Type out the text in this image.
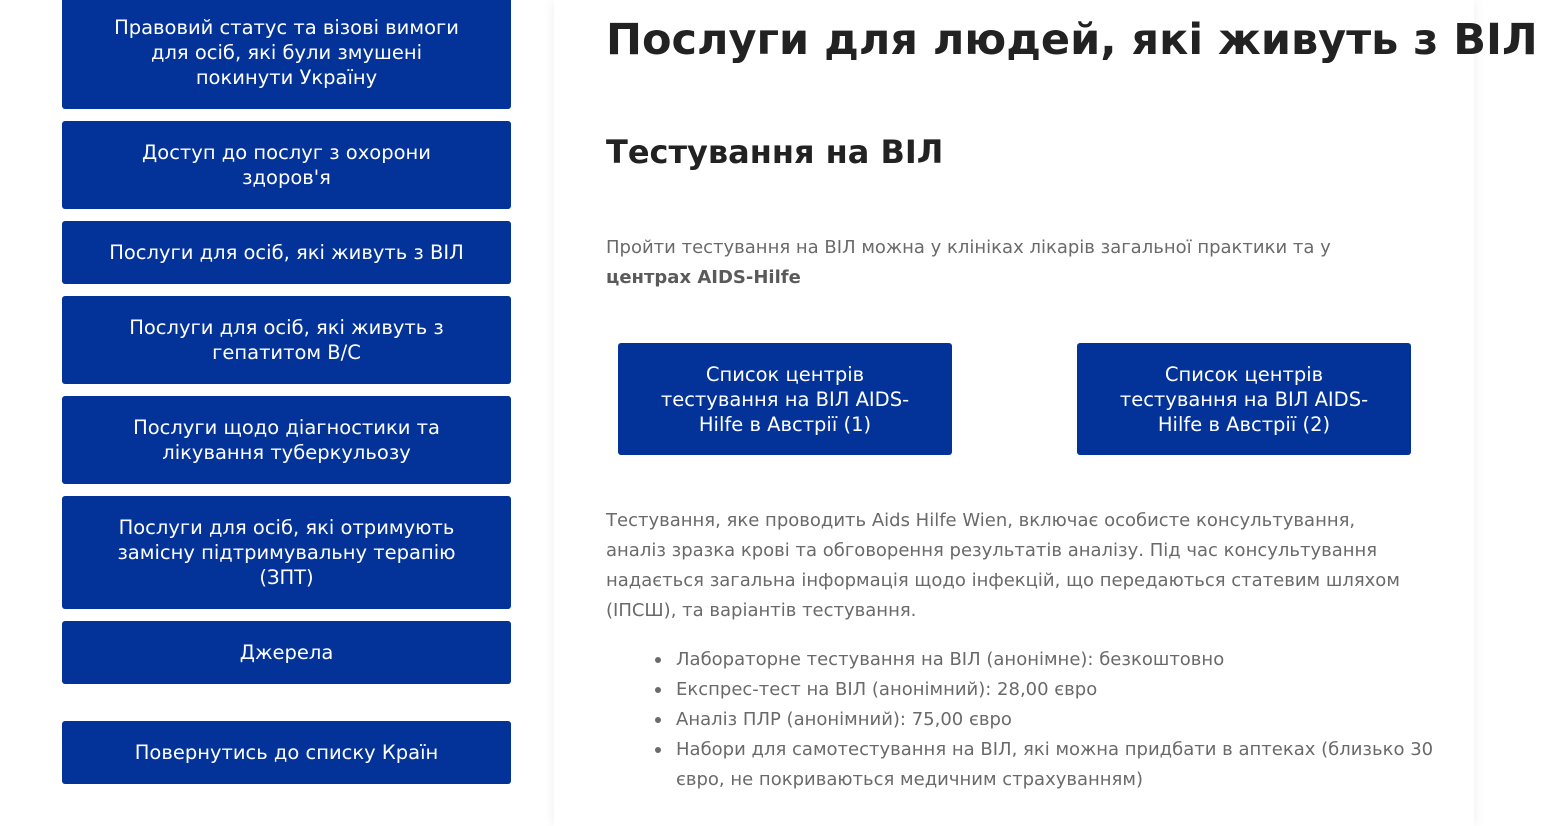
Правовий статус та візові вимоги для осіб, які були змушені покинути Україну
Доступ до послуг з охорони здоров'я
Послуги для осіб, які живуть з ВІЛ
Послуги для осіб, які живуть з гепатитом В/С
Послуги щодо діагностики та лікування туберкульозу
Послуги для осіб, які отримують замісну підтримувальну терапію (ЗПТ)
Джерела
Повернутись до списку Країн
Послуги для людей, які живуть з ВІЛ
Тестування на ВІЛ

Пройти тестування на ВІЛ можна у клініках лікарів загальної практики та у центрах AIDS-Hilfe

Список центрів тестування на ВІЛ AIDS-Hilfe в Австрії (1)
Список центрів тестування на ВІЛ AIDS-Hilfe в Австрії (2)

Тестування, яке проводить Aids Hilfe Wien, включає особисте консультування, аналіз зразка крові та обговорення результатів аналізу. Під час консультування надається загальна інформація щодо інфекцій, що передаються статевим шляхом (ІПСШ), та варіантів тестування.

Лабораторне тестування на ВІЛ (анонімне): безкоштовно
Експрес-тест на ВІЛ (анонімний): 28,00 євро
Аналіз ПЛР (анонімний): 75,00 євро
Набори для самотестування на ВІЛ, які можна придбати в аптеках (близько 30 євро, не покриваються медичним страхуванням)
